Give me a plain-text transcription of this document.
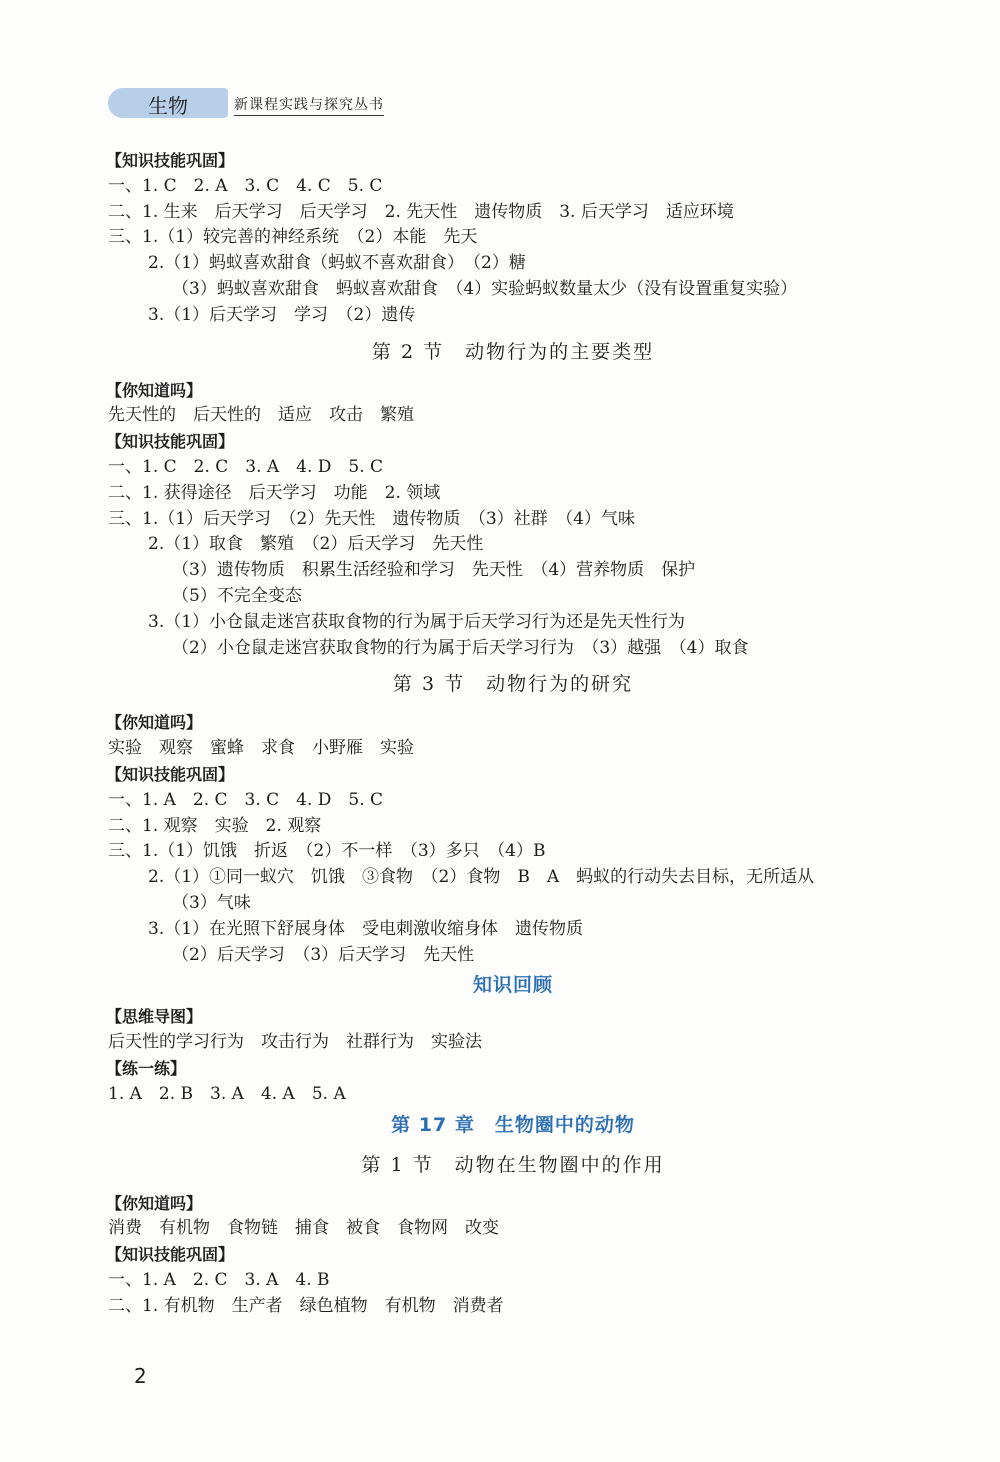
生物	新课程实践与探究丛书
【知识技能巩固】
一、1. C　2. A　3. C　4. C　5. C
二、1. 生来　后天学习　后天学习　2. 先天性　遗传物质　3. 后天学习　适应环境
三、1.（1）较完善的神经系统　（2）本能　先天
2.（1）蚂蚁喜欢甜食（蚂蚁不喜欢甜食）　（2）糖
（3）蚂蚁喜欢甜食　蚂蚁喜欢甜食　（4）实验蚂蚁数量太少（没有设置重复实验）
3.（1）后天学习　学习　（2）遗传
第 2 节　动物行为的主要类型
【你知道吗】
先天性的　后天性的　适应　攻击　繁殖
【知识技能巩固】
一、1. C　2. C　3. A　4. D　5. C
二、1. 获得途径　后天学习　功能　2. 领域
三、1.（1）后天学习　（2）先天性　遗传物质　（3）社群　（4）气味
2.（1）取食　繁殖　（2）后天学习　先天性
（3）遗传物质　积累生活经验和学习　先天性　（4）营养物质　保护
（5）不完全变态
3.（1）小仓鼠走迷宫获取食物的行为属于后天学习行为还是先天性行为
（2）小仓鼠走迷宫获取食物的行为属于后天学习行为　（3）越强　（4）取食
第 3 节　动物行为的研究
【你知道吗】
实验　观察　蜜蜂　求食　小野雁　实验
【知识技能巩固】
一、1. A　2. C　3. C　4. D　5. C
二、1. 观察　实验　2. 观察
三、1.（1）饥饿　折返　（2）不一样　（3）多只　（4）B
2.（1）①同一蚁穴　饥饿　③食物　（2）食物　B　A　蚂蚁的行动失去目标，无所适从
（3）气味
3.（1）在光照下舒展身体　受电刺激收缩身体　遗传物质
（2）后天学习　（3）后天学习　先天性
知识回顾
【思维导图】
后天性的学习行为　攻击行为　社群行为　实验法
【练一练】
1. A　2. B　3. A　4. A　5. A
第 17 章　生物圈中的动物
第 1 节　动物在生物圈中的作用
【你知道吗】
消费　有机物　食物链　捕食　被食　食物网　改变
【知识技能巩固】
一、1. A　2. C　3. A　4. B
二、1. 有机物　生产者　绿色植物　有机物　消费者
2
